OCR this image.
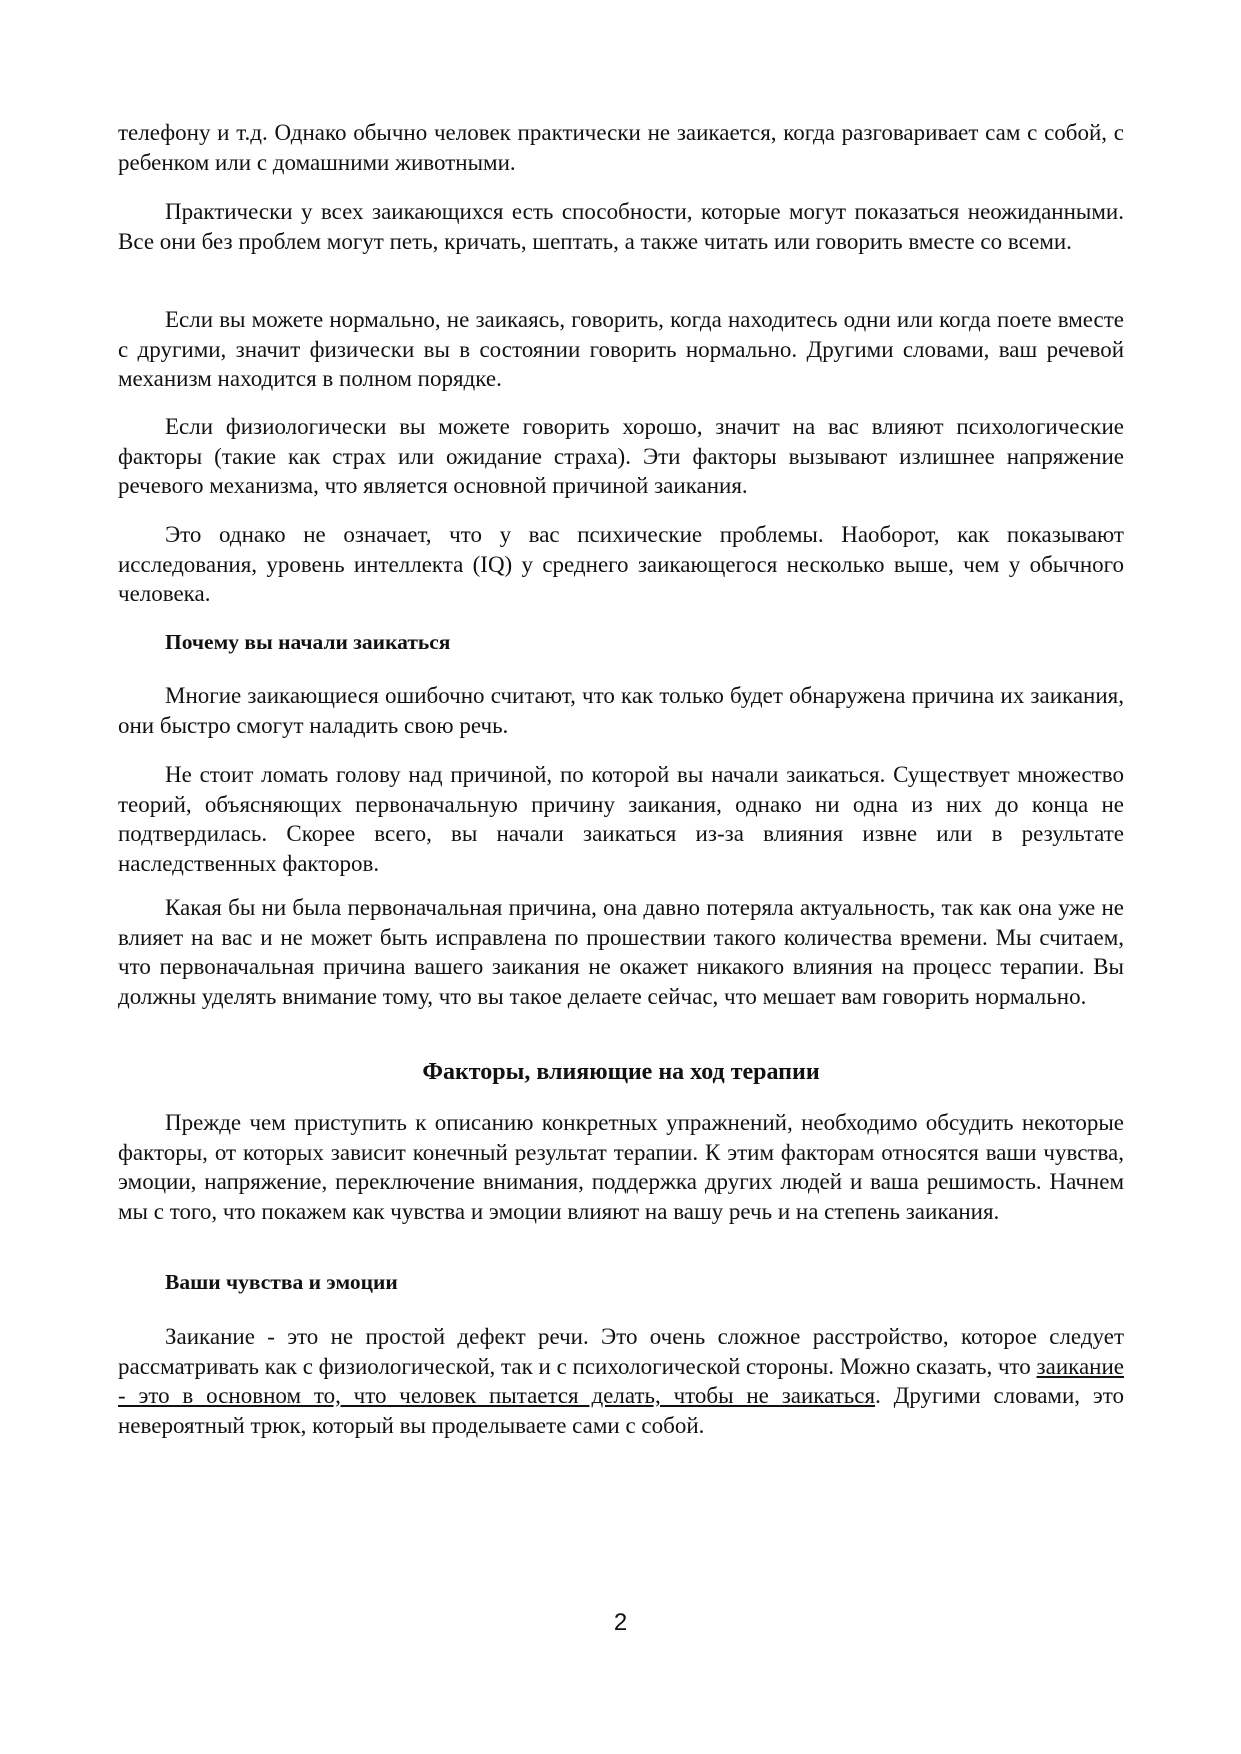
телефону и т.д. Однако обычно человек практически не заикается, когда разговаривает сам с собой, с ребенком или с домашними животными.

Практически у всех заикающихся есть способности, которые могут показаться неожиданными. Все они без проблем могут петь, кричать, шептать, а также читать или говорить вместе со всеми.

Если вы можете нормально, не заикаясь, говорить, когда находитесь одни или когда поете вместе с другими, значит физически вы в состоянии говорить нормально. Другими словами, ваш речевой механизм находится в полном порядке.

Если физиологически вы можете говорить хорошо, значит на вас влияют психологические факторы (такие как страх или ожидание страха). Эти факторы вызывают излишнее напряжение речевого механизма, что является основной причиной заикания.

Это однако не означает, что у вас психические проблемы. Наоборот, как показывают исследования, уровень интеллекта (IQ) у среднего заикающегося несколько выше, чем у обычного человека.

Почему вы начали заикаться

Многие заикающиеся ошибочно считают, что как только будет обнаружена причина их заикания, они быстро смогут наладить свою речь.

Не стоит ломать голову над причиной, по которой вы начали заикаться. Существует множество теорий, объясняющих первоначальную причину заикания, однако ни одна из них до конца не подтвердилась. Скорее всего, вы начали заикаться из-за влияния извне или в результате наследственных факторов.

Какая бы ни была первоначальная причина, она давно потеряла актуальность, так как она уже не влияет на вас и не может быть исправлена по прошествии такого количества времени. Мы считаем, что первоначальная причина вашего заикания не окажет никакого влияния на процесс терапии. Вы должны уделять внимание тому, что вы такое делаете сейчас, что мешает вам говорить нормально.

Факторы, влияющие на ход терапии

Прежде чем приступить к описанию конкретных упражнений, необходимо обсудить некоторые факторы, от которых зависит конечный результат терапии. К этим факторам относятся ваши чувства, эмоции, напряжение, переключение внимания, поддержка других людей и ваша решимость. Начнем мы с того, что покажем как чувства и эмоции влияют на вашу речь и на степень заикания.

Ваши чувства и эмоции

Заикание - это не простой дефект речи. Это очень сложное расстройство, которое следует рассматривать как с физиологической, так и с психологической стороны. Можно сказать, что заикание - это в основном то, что человек пытается делать, чтобы не заикаться. Другими словами, это невероятный трюк, который вы проделываете сами с собой.

2
